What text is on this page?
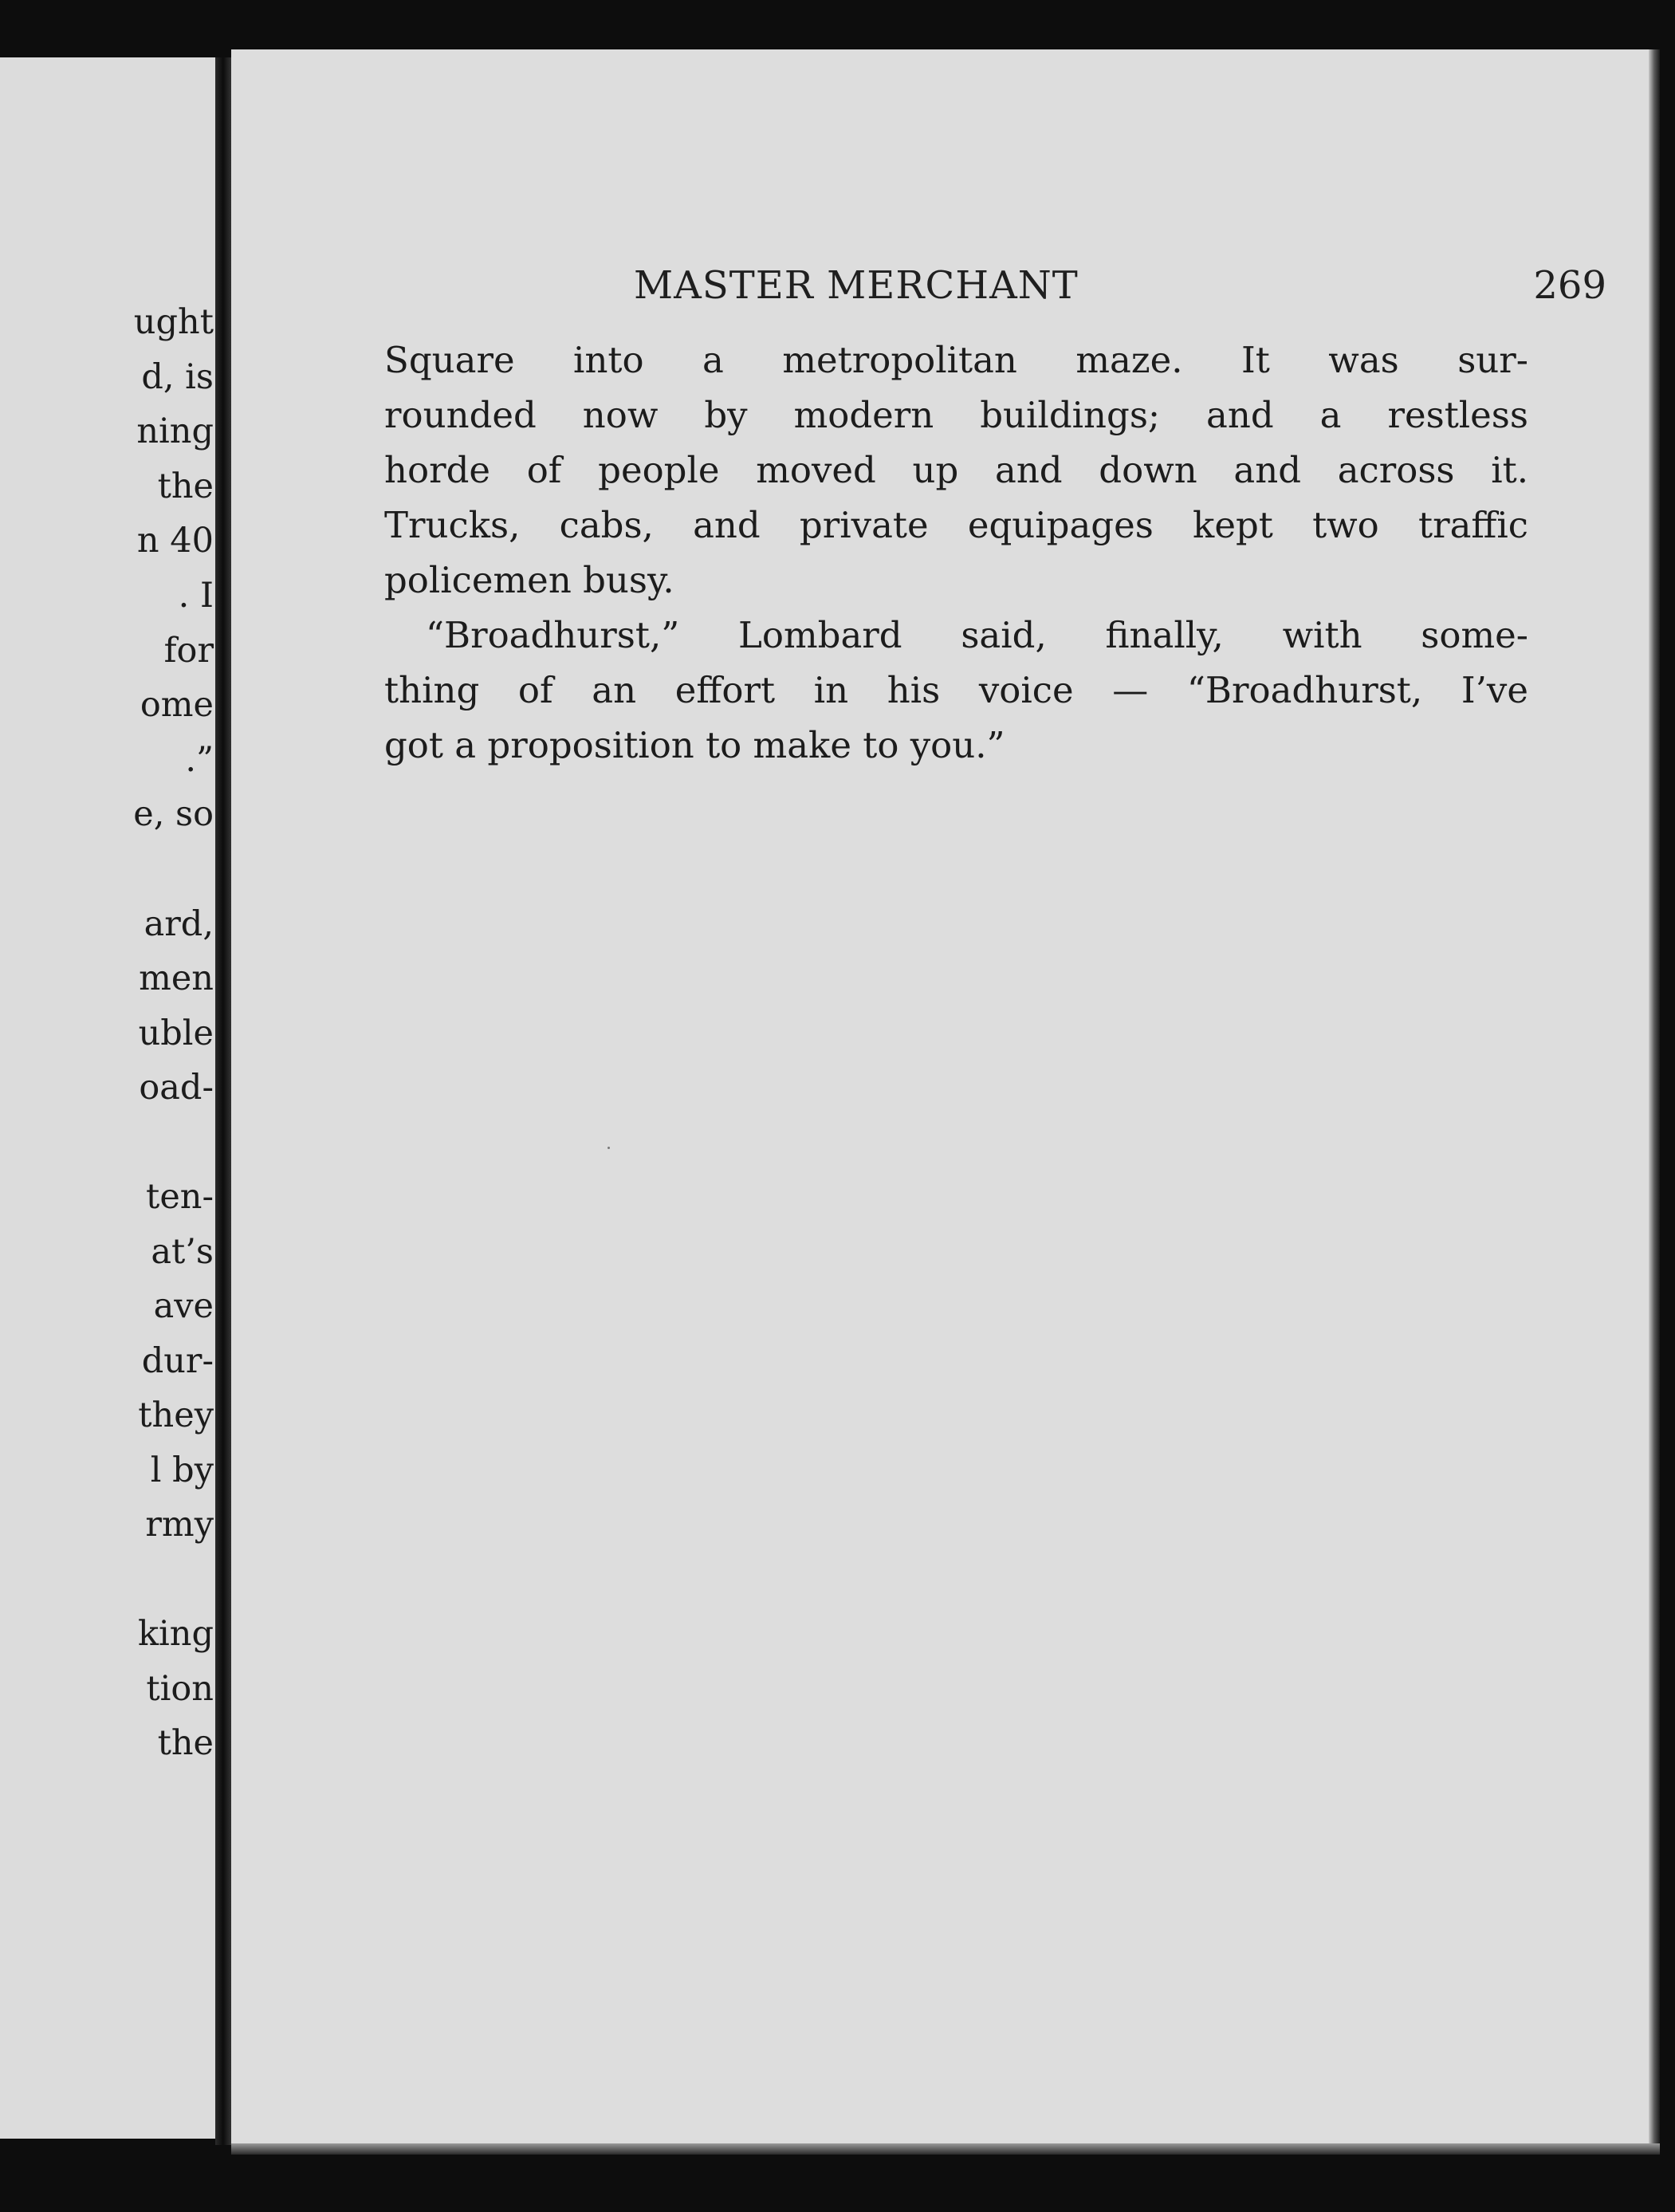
ught

d, is

ning

the

n 40

. I

for

ome

.”

e, so

ard,

men

uble

oad-

ten-

at’s

ave

dur-

they

l by

rmy

king

tion

the

MASTER MERCHANT	269

Square into a metropolitan maze. It was sur-

rounded now by modern buildings; and a restless

horde of people moved up and down and across it.

Trucks, cabs, and private equipages kept two traffic

policemen busy.

“Broadhurst,” Lombard said, finally, with some-

thing of an effort in his voice — “Broadhurst, I’ve

got a proposition to make to you.”
